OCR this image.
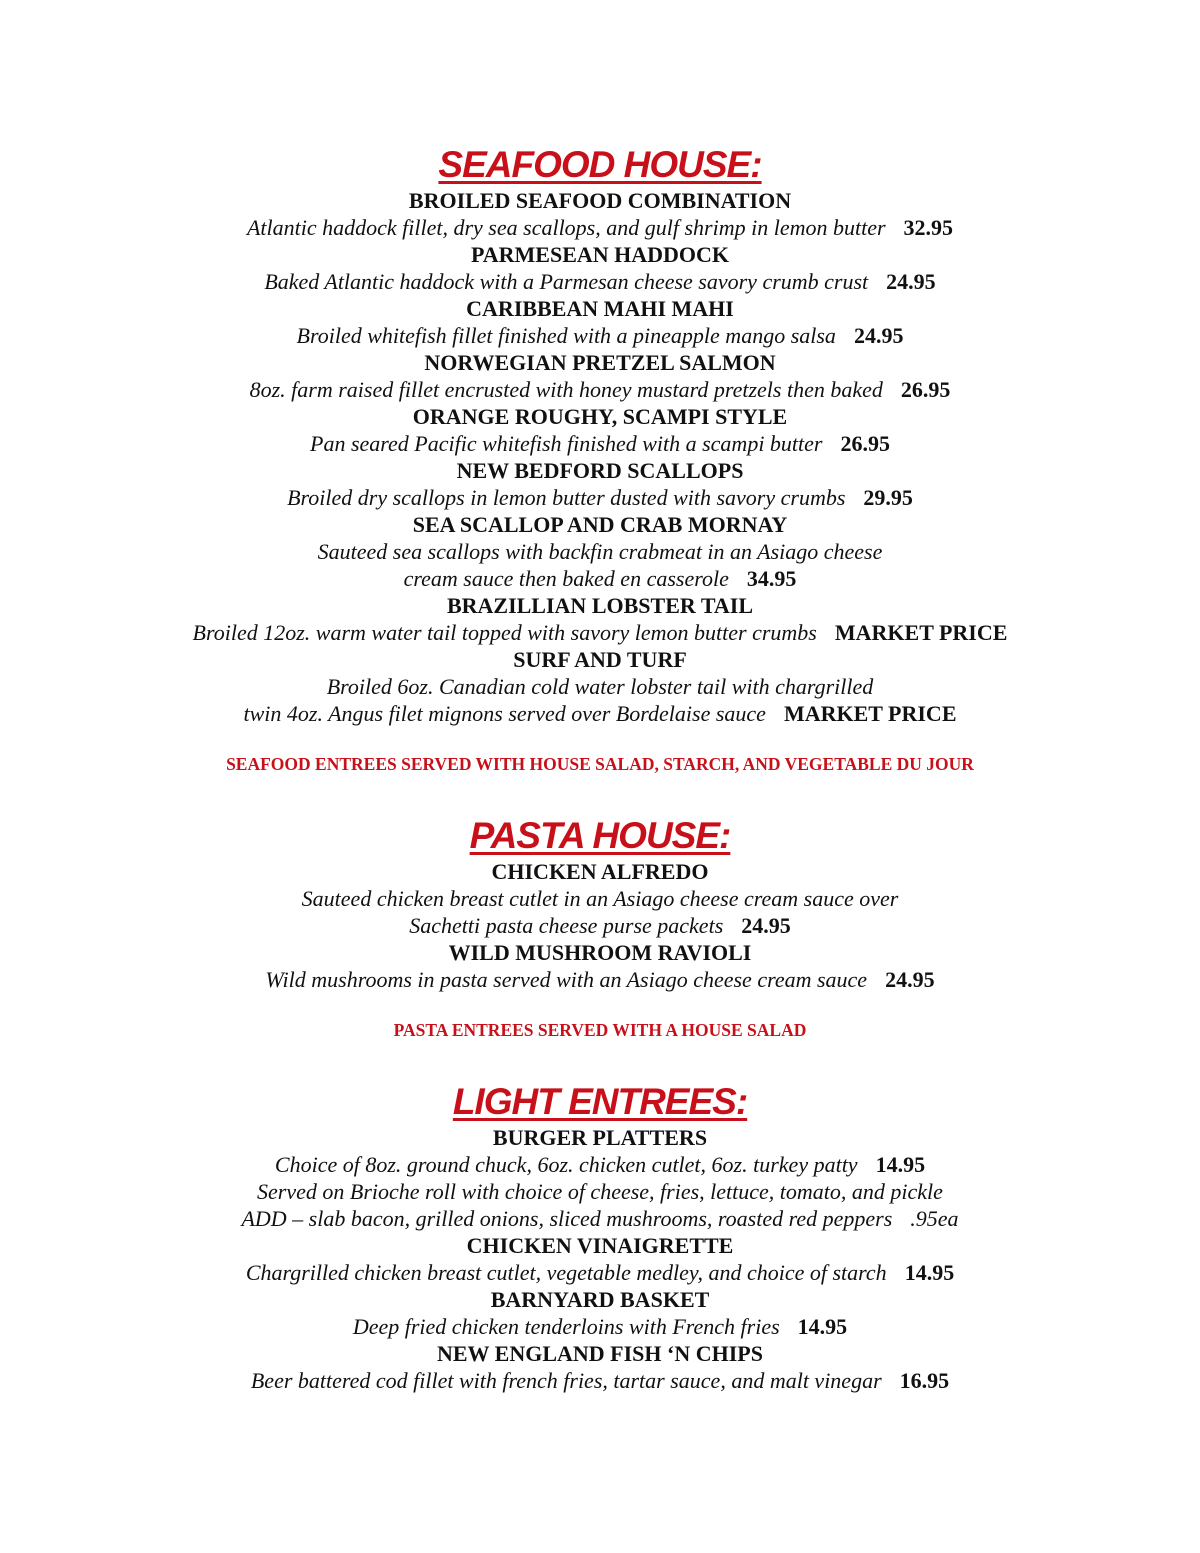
SEAFOOD HOUSE:
BROILED SEAFOOD COMBINATION
Atlantic haddock fillet, dry sea scallops, and gulf shrimp in lemon butter 32.95
PARMESEAN HADDOCK
Baked Atlantic haddock with a Parmesan cheese savory crumb crust 24.95
CARIBBEAN MAHI MAHI
Broiled whitefish fillet finished with a pineapple mango salsa 24.95
NORWEGIAN PRETZEL SALMON
8oz. farm raised fillet encrusted with honey mustard pretzels then baked 26.95
ORANGE ROUGHY, SCAMPI STYLE
Pan seared Pacific whitefish finished with a scampi butter 26.95
NEW BEDFORD SCALLOPS
Broiled dry scallops in lemon butter dusted with savory crumbs 29.95
SEA SCALLOP AND CRAB MORNAY
Sauteed sea scallops with backfin crabmeat in an Asiago cheese
cream sauce then baked en casserole 34.95
BRAZILLIAN LOBSTER TAIL
Broiled 12oz. warm water tail topped with savory lemon butter crumbs MARKET PRICE
SURF AND TURF
Broiled 6oz. Canadian cold water lobster tail with chargrilled
twin 4oz. Angus filet mignons served over Bordelaise sauce MARKET PRICE
SEAFOOD ENTREES SERVED WITH HOUSE SALAD, STARCH, AND VEGETABLE DU JOUR
PASTA HOUSE:
CHICKEN ALFREDO
Sauteed chicken breast cutlet in an Asiago cheese cream sauce over
Sachetti pasta cheese purse packets 24.95
WILD MUSHROOM RAVIOLI
Wild mushrooms in pasta served with an Asiago cheese cream sauce 24.95
PASTA ENTREES SERVED WITH A HOUSE SALAD
LIGHT ENTREES:
BURGER PLATTERS
Choice of 8oz. ground chuck, 6oz. chicken cutlet, 6oz. turkey patty 14.95
Served on Brioche roll with choice of cheese, fries, lettuce, tomato, and pickle
ADD – slab bacon, grilled onions, sliced mushrooms, roasted red peppers .95ea
CHICKEN VINAIGRETTE
Chargrilled chicken breast cutlet, vegetable medley, and choice of starch 14.95
BARNYARD BASKET
Deep fried chicken tenderloins with French fries 14.95
NEW ENGLAND FISH ‘N CHIPS
Beer battered cod fillet with french fries, tartar sauce, and malt vinegar 16.95
